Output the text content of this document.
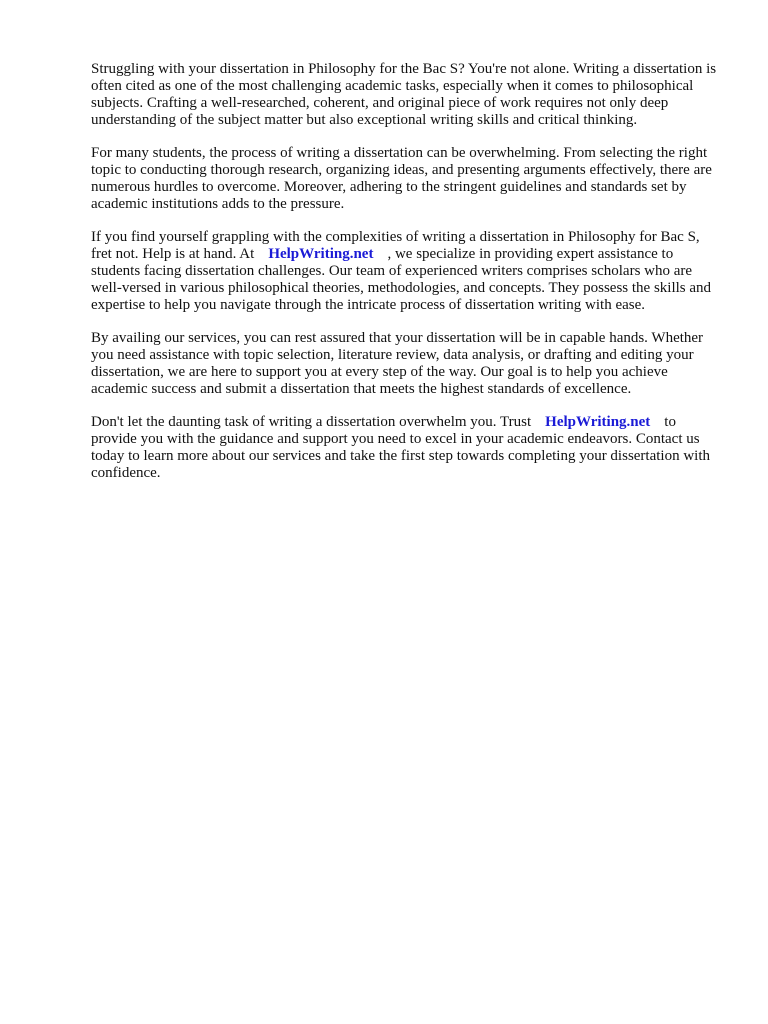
Struggling with your dissertation in Philosophy for the Bac S? You're not alone. Writing a dissertation is often cited as one of the most challenging academic tasks, especially when it comes to philosophical subjects. Crafting a well-researched, coherent, and original piece of work requires not only deep understanding of the subject matter but also exceptional writing skills and critical thinking.

For many students, the process of writing a dissertation can be overwhelming. From selecting the right topic to conducting thorough research, organizing ideas, and presenting arguments effectively, there are numerous hurdles to overcome. Moreover, adhering to the stringent guidelines and standards set by academic institutions adds to the pressure.

If you find yourself grappling with the complexities of writing a dissertation in Philosophy for Bac S, fret not. Help is at hand. At HelpWriting.net , we specialize in providing expert assistance to students facing dissertation challenges. Our team of experienced writers comprises scholars who are well-versed in various philosophical theories, methodologies, and concepts. They possess the skills and expertise to help you navigate through the intricate process of dissertation writing with ease.

By availing our services, you can rest assured that your dissertation will be in capable hands. Whether you need assistance with topic selection, literature review, data analysis, or drafting and editing your dissertation, we are here to support you at every step of the way. Our goal is to help you achieve academic success and submit a dissertation that meets the highest standards of excellence.

Don't let the daunting task of writing a dissertation overwhelm you. Trust HelpWriting.net to provide you with the guidance and support you need to excel in your academic endeavors. Contact us today to learn more about our services and take the first step towards completing your dissertation with confidence.
